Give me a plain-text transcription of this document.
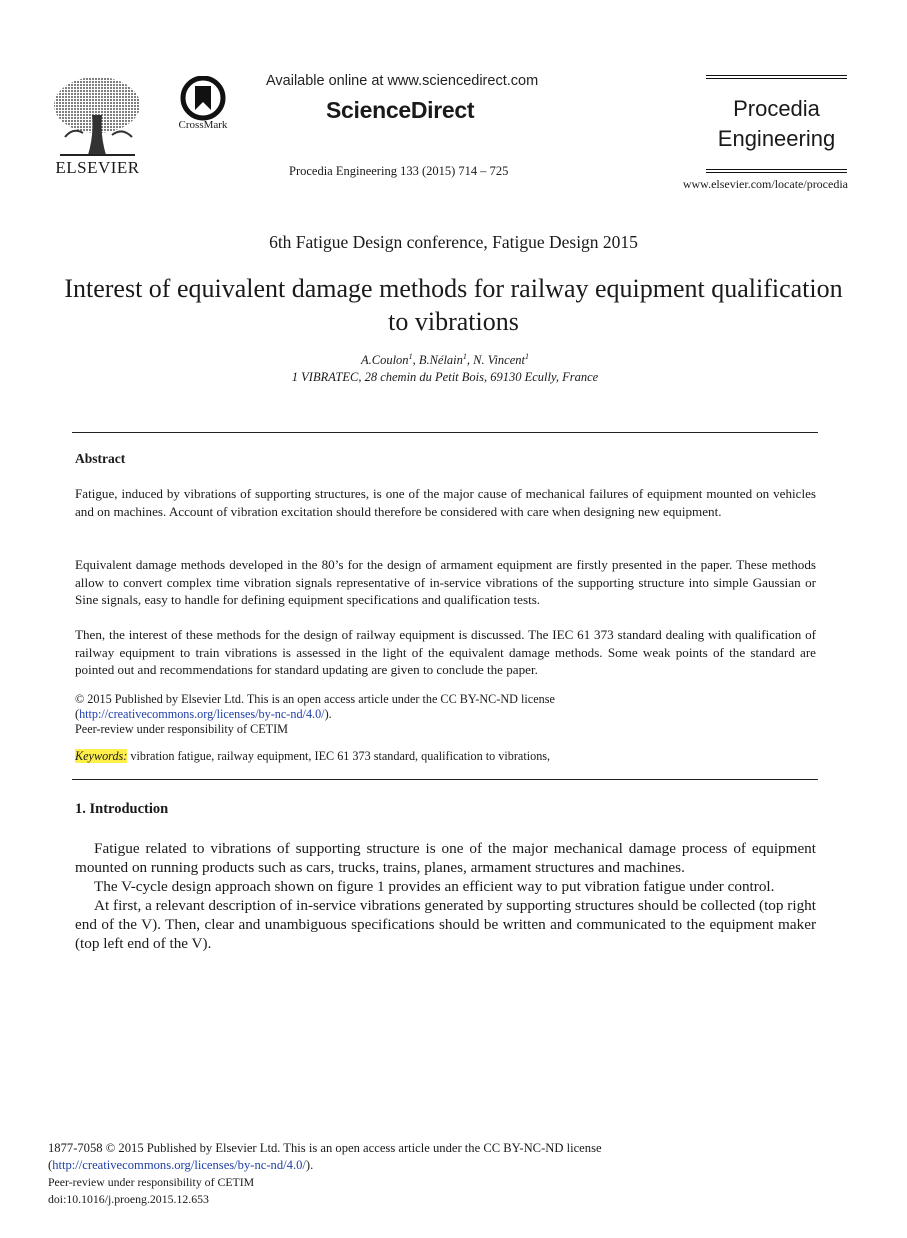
ELSEVIER
CrossMark
Available online at www.sciencedirect.com
ScienceDirect
Procedia Engineering 133 (2015) 714 – 725
Procedia
Engineering
www.elsevier.com/locate/procedia
6th Fatigue Design conference, Fatigue Design 2015
Interest of equivalent damage methods for railway equipment qualification to vibrations
A.Coulon$^1$, B.Nélain$^1$, N. Vincent$^1$
1 VIBRATEC, 28 chemin du Petit Bois, 69130 Ecully, France
Abstract
Fatigue, induced by vibrations of supporting structures, is one of the major cause of mechanical failures of equipment mounted on vehicles and on machines. Account of vibration excitation should therefore be considered with care when designing new equipment.
Equivalent damage methods developed in the 80’s for the design of armament equipment are firstly presented in the paper. These methods allow to convert complex time vibration signals representative of in-service vibrations of the supporting structure into simple Gaussian or Sine signals, easy to handle for defining equipment specifications and qualification tests.
Then, the interest of these methods for the design of railway equipment is discussed. The IEC 61 373 standard dealing with qualification of railway equipment to train vibrations is assessed in the light of the equivalent damage methods. Some weak points of the standard are pointed out and recommendations for standard updating are given to conclude the paper.
© 2015 Published by Elsevier Ltd. This is an open access article under the CC BY-NC-ND license
(http://creativecommons.org/licenses/by-nc-nd/4.0/).
Peer-review under responsibility of CETIM
Keywords: vibration fatigue, railway equipment, IEC 61 373 standard, qualification to vibrations,
1. Introduction
Fatigue related to vibrations of supporting structure is one of the major mechanical damage process of equipment mounted on running products such as cars, trucks, trains, planes, armament structures and machines.
The V-cycle design approach shown on figure 1 provides an efficient way to put vibration fatigue under control.
At first, a relevant description of in-service vibrations generated by supporting structures should be collected (top right end of the V). Then, clear and unambiguous specifications should be written and communicated to the equipment maker (top left end of the V).
1877-7058 © 2015 Published by Elsevier Ltd. This is an open access article under the CC BY-NC-ND license
(http://creativecommons.org/licenses/by-nc-nd/4.0/).
Peer-review under responsibility of CETIM
doi:10.1016/j.proeng.2015.12.653
